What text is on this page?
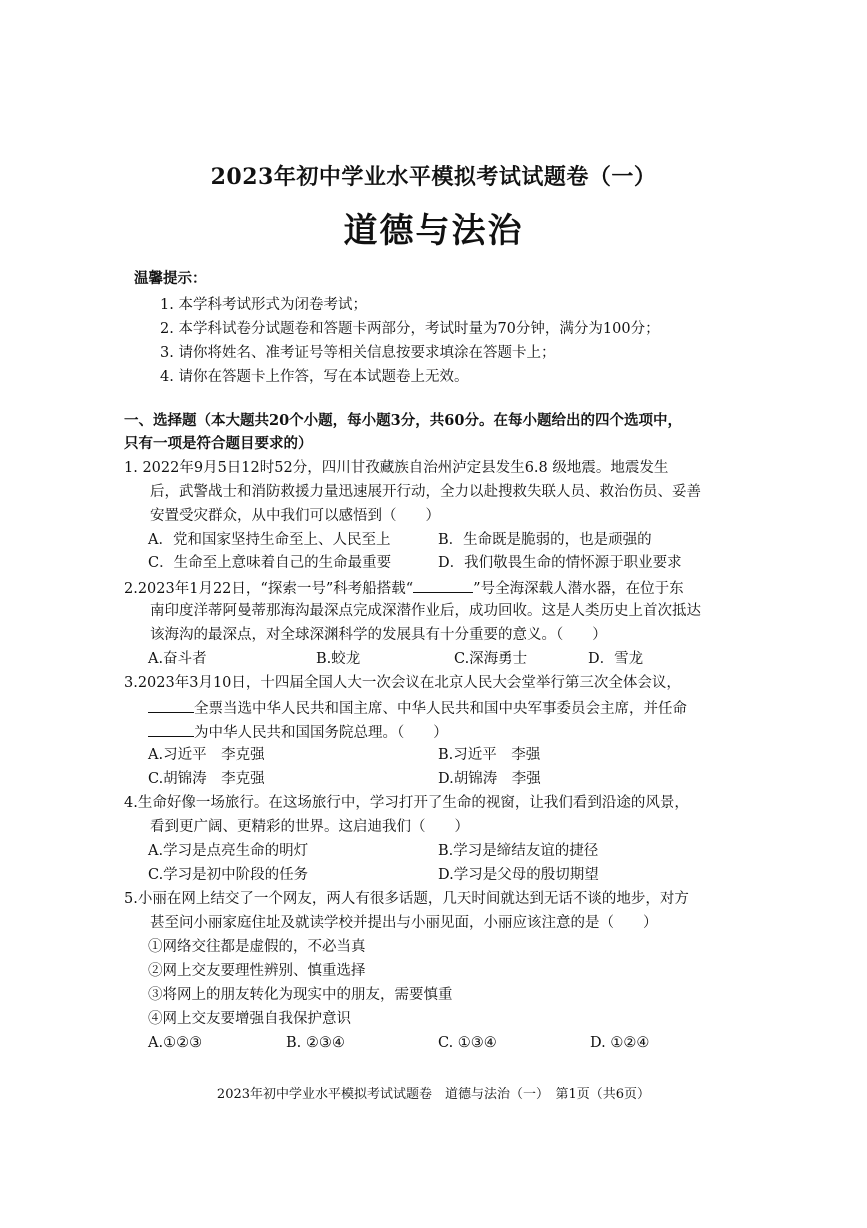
2023年初中学业水平模拟考试试题卷（一）
道德与法治
温馨提示：
1. 本学科考试形式为闭卷考试；
2. 本学科试卷分试题卷和答题卡两部分，考试时量为70分钟，满分为100分；
3. 请你将姓名、准考证号等相关信息按要求填涂在答题卡上；
4. 请你在答题卡上作答，写在本试题卷上无效。
一、选择题（本大题共20个小题，每小题3分，共60分。在每小题给出的四个选项中，
只有一项是符合题目要求的）
1. 2022年9月5日12时52分，四川甘孜藏族自治州泸定县发生6.8 级地震。地震发生
后，武警战士和消防救援力量迅速展开行动，全力以赴搜救失联人员、救治伤员、妥善
安置受灾群众，从中我们可以感悟到（　　）
A．党和国家坚持生命至上、人民至上	B．生命既是脆弱的，也是顽强的
C．生命至上意味着自己的生命最重要	D．我们敬畏生命的情怀源于职业要求
2.2023年1月22日，“探索一号”科考船搭载“	”号全海深载人潜水器，在位于东
南印度洋蒂阿曼蒂那海沟最深点完成深潜作业后，成功回收。这是人类历史上首次抵达
该海沟的最深点，对全球深渊科学的发展具有十分重要的意义。（　　）
A.奋斗者	B.蛟龙	C.深海勇士	D．雪龙
3.2023年3月10日，十四届全国人大一次会议在北京人民大会堂举行第三次全体会议，
全票当选中华人民共和国主席、中华人民共和国中央军事委员会主席，并任命
为中华人民共和国国务院总理。（　　）
A.习近平　李克强	B.习近平　李强
C.胡锦涛　李克强	D.胡锦涛　李强
4.生命好像一场旅行。在这场旅行中，学习打开了生命的视窗，让我们看到沿途的风景，
看到更广阔、更精彩的世界。这启迪我们（　　）
A.学习是点亮生命的明灯	B.学习是缔结友谊的捷径
C.学习是初中阶段的任务	D.学习是父母的殷切期望
5.小丽在网上结交了一个网友，两人有很多话题，几天时间就达到无话不谈的地步，对方
甚至问小丽家庭住址及就读学校并提出与小丽见面，小丽应该注意的是（　　）
①网络交往都是虚假的，不必当真
②网上交友要理性辨别、慎重选择
③将网上的朋友转化为现实中的朋友，需要慎重
④网上交友要增强自我保护意识
A.①②③	B. ②③④	C. ①③④	D. ①②④
2023年初中学业水平模拟考试试题卷　道德与法治（一）　第1页（共6页）
